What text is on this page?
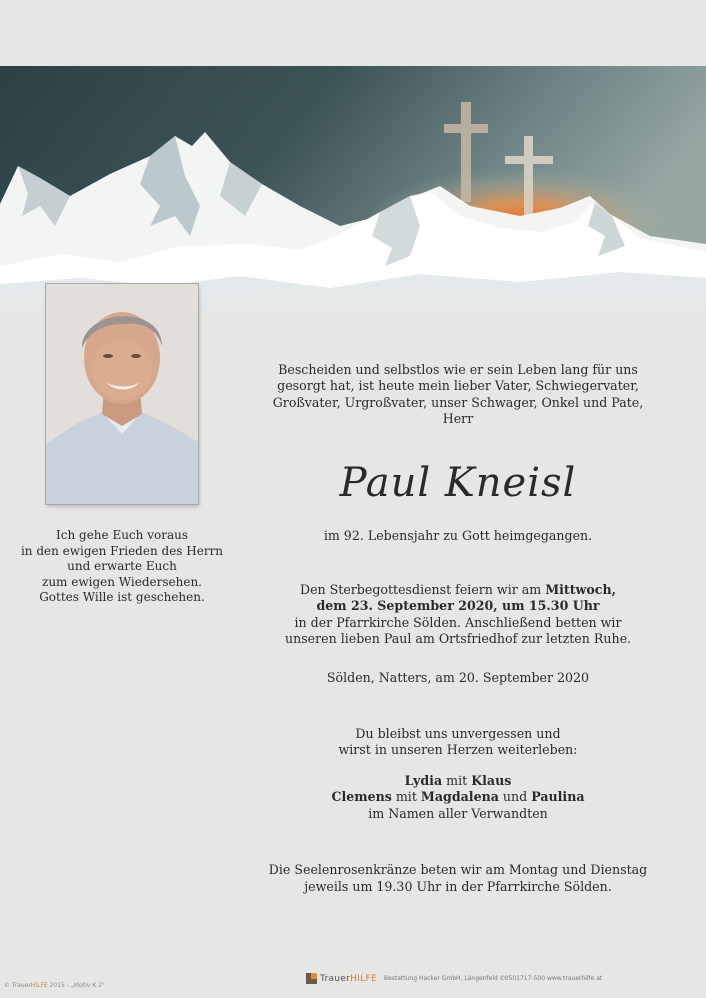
Ich gehe Euch voraus
in den ewigen Frieden des Herrn
und erwarte Euch
zum ewigen Wiedersehen.
Gottes Wille ist geschehen.
Bescheiden und selbstlos wie er sein Leben lang für uns
gesorgt hat, ist heute mein lieber Vater, Schwiegervater,
Großvater, Urgroßvater, unser Schwager, Onkel und Pate,
Herr
Paul Kneisl
im 92. Lebensjahr zu Gott heimgegangen.
Den Sterbegottesdienst feiern wir am Mittwoch,
dem 23. September 2020, um 15.30 Uhr
in der Pfarrkirche Sölden. Anschließend betten wir
unseren lieben Paul am Ortsfriedhof zur letzten Ruhe.
Sölden, Natters, am 20. September 2020
Du bleibst uns unvergessen und
wirst in unseren Herzen weiterleben:
Lydia mit Klaus
Clemens mit Magdalena und Paulina
im Namen aller Verwandten
Die Seelenrosenkränze beten wir am Montag und Dienstag
jeweils um 19.30 Uhr in der Pfarrkirche Sölden.
© TrauerHILFE 2015 - „Motiv K 2"
TrauerHILFE Bestattung Hacker GmbH, Längenfeld ✆0501717-500 www.trauerhilfe.at
